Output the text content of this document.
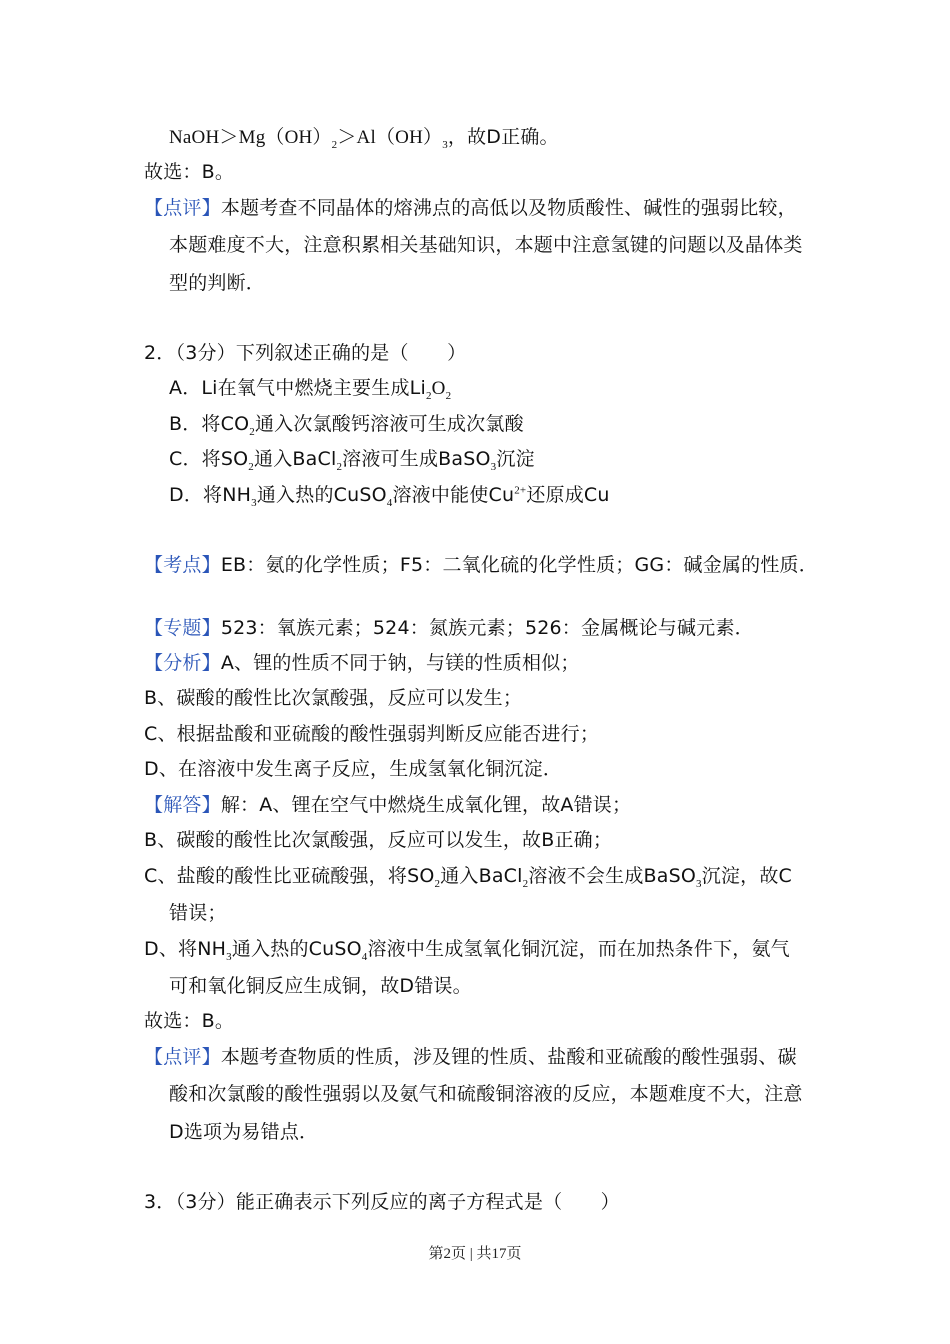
$NaOH>Mg(OH)_2>Al(OH)_3$，故D正确。
故选：B。
【点评】本题考查不同晶体的熔沸点的高低以及物质酸性、碱性的强弱比较，
本题难度不大，注意积累相关基础知识，本题中注意氢键的问题以及晶体类
型的判断．
2．（3分）下列叙述正确的是（　　）
A．Li在氧气中燃烧主要生成$Li_2O_2$
B．将$CO_2$通入次氯酸钙溶液可生成次氯酸
C．将$SO_2$通入BaCl$_2$溶液可生成BaSO$_3$沉淀
D．将$NH_3$通入热的CuSO$_4$溶液中能使$Cu^{2+}$还原成Cu
【考点】EB：氨的化学性质；F5：二氧化硫的化学性质；GG：碱金属的性质．
【专题】523：氧族元素；524：氮族元素；526：金属概论与碱元素．
【分析】A、锂的性质不同于钠，与镁的性质相似；
B、碳酸的酸性比次氯酸强，反应可以发生；
C、根据盐酸和亚硫酸的酸性强弱判断反应能否进行；
D、在溶液中发生离子反应，生成氢氧化铜沉淀．
【解答】解：A、锂在空气中燃烧生成氧化锂，故A错误；
B、碳酸的酸性比次氯酸强，反应可以发生，故B正确；
C、盐酸的酸性比亚硫酸强，将$SO_2$通入BaCl$_2$溶液不会生成BaSO$_3$沉淀，故C
错误；
D、将$NH_3$通入热的CuSO$_4$溶液中生成氢氧化铜沉淀，而在加热条件下，氨气
可和氧化铜反应生成铜，故D错误。
故选：B。
【点评】本题考查物质的性质，涉及锂的性质、盐酸和亚硫酸的酸性强弱、碳
酸和次氯酸的酸性强弱以及氨气和硫酸铜溶液的反应，本题难度不大，注意
D选项为易错点．
3．（3分）能正确表示下列反应的离子方程式是（　　）
第2页 | 共17页
